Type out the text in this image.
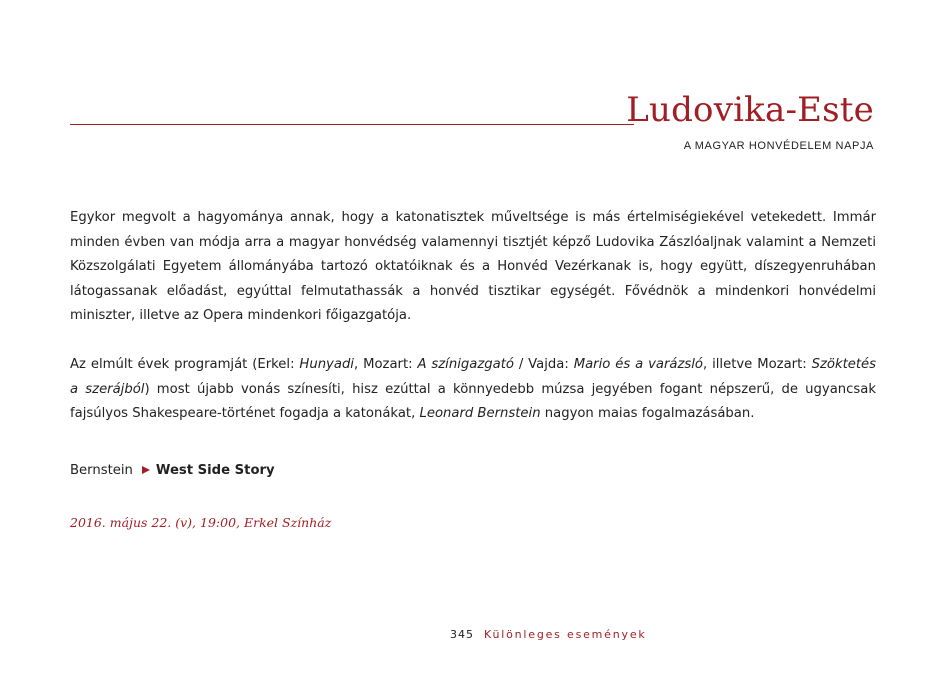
Ludovika-Este

A MAGYAR HONVÉDELEM NAPJA

Egykor megvolt a hagyománya annak, hogy a katonatisztek műveltsége is más értelmiségiekével vetekedett. Immár minden évben van módja arra a magyar honvédség valamennyi tisztjét képző Ludovika Zászlóaljnak valamint a Nemzeti Közszolgálati Egyetem állományába tartozó oktatóiknak és a Honvéd Vezérkanak is, hogy együtt, díszegyenruhában látogassanak előadást, egyúttal felmutathassák a honvéd tisztikar egységét. Fővédnök a mindenkori honvédelmi miniszter, illetve az Opera mindenkori főigazgatója.

Az elmúlt évek programját (Erkel: Hunyadi, Mozart: A színigazgató / Vajda: Mario és a varázsló, illetve Mozart: Szöktetés a szerájból) most újabb vonás színesíti, hisz ezúttal a könnyedebb múzsa jegyében fogant népszerű, de ugyancsak fajsúlyos Shakespeare-történet fogadja a katonákat, Leonard Bernstein nagyon maias fogalmazásában.

Bernstein West Side Story

2016. május 22. (v), 19:00, Erkel Színház

345 Különleges események
